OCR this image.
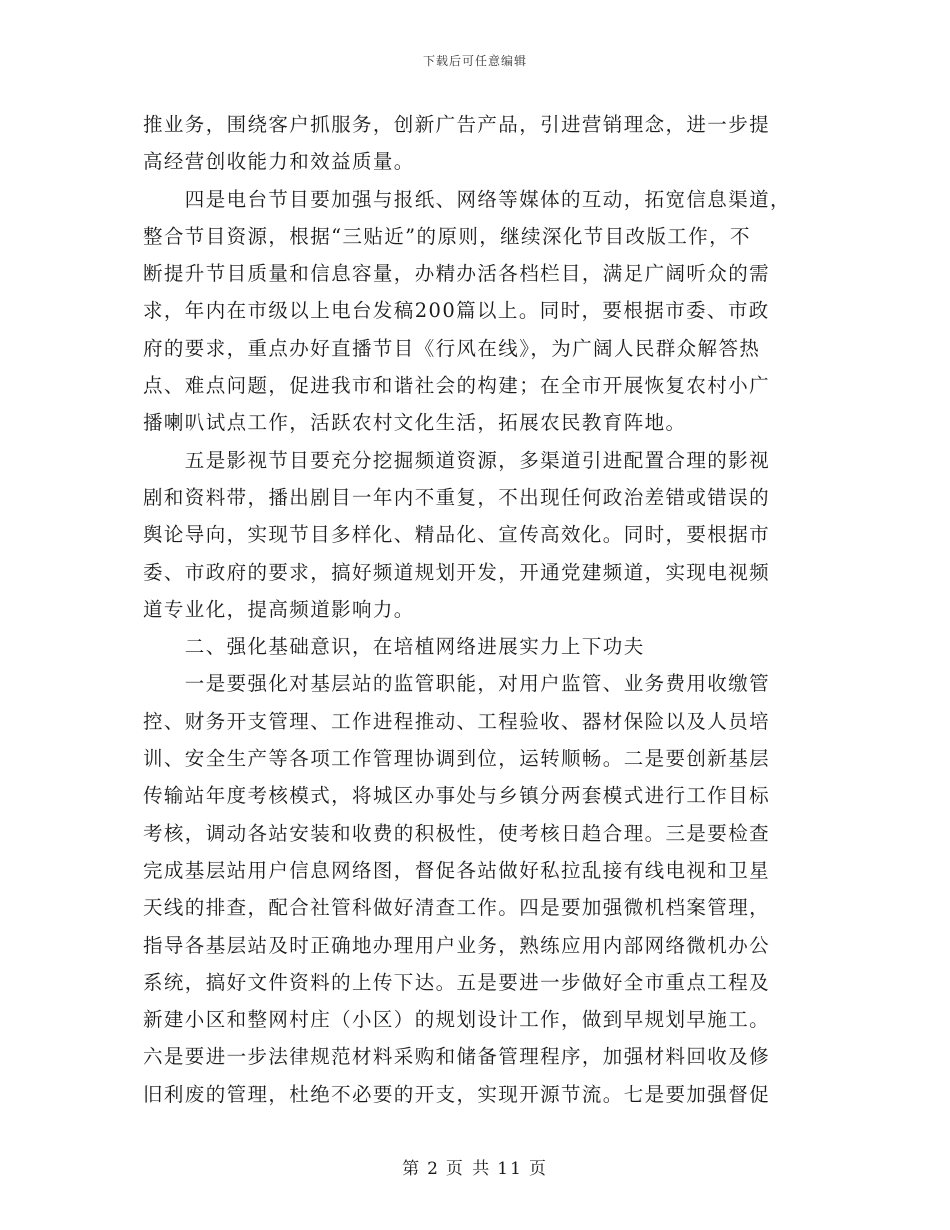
下载后可任意编辑

推业务，围绕客户抓服务，创新广告产品，引进营销理念，进一步提
高经营创收能力和效益质量。

　　四是电台节目要加强与报纸、网络等媒体的互动，拓宽信息渠道，
整合节目资源，根据“三贴近”的原则，继续深化节目改版工作，不
断提升节目质量和信息容量，办精办活各档栏目，满足广阔听众的需
求，年内在市级以上电台发稿200篇以上。同时，要根据市委、市政
府的要求，重点办好直播节目《行风在线》，为广阔人民群众解答热
点、难点问题，促进我市和谐社会的构建；在全市开展恢复农村小广
播喇叭试点工作，活跃农村文化生活，拓展农民教育阵地。

　　五是影视节目要充分挖掘频道资源，多渠道引进配置合理的影视
剧和资料带，播出剧目一年内不重复，不出现任何政治差错或错误的
舆论导向，实现节目多样化、精品化、宣传高效化。同时，要根据市
委、市政府的要求，搞好频道规划开发，开通党建频道，实现电视频
道专业化，提高频道影响力。

　　二、强化基础意识，在培植网络进展实力上下功夫

　　一是要强化对基层站的监管职能，对用户监管、业务费用收缴管
控、财务开支管理、工作进程推动、工程验收、器材保险以及人员培
训、安全生产等各项工作管理协调到位，运转顺畅。二是要创新基层
传输站年度考核模式，将城区办事处与乡镇分两套模式进行工作目标
考核，调动各站安装和收费的积极性，使考核日趋合理。三是要检查
完成基层站用户信息网络图，督促各站做好私拉乱接有线电视和卫星
天线的排查，配合社管科做好清查工作。四是要加强微机档案管理，
指导各基层站及时正确地办理用户业务，熟练应用内部网络微机办公
系统，搞好文件资料的上传下达。五是要进一步做好全市重点工程及
新建小区和整网村庄（小区）的规划设计工作，做到早规划早施工。
六是要进一步法律规范材料采购和储备管理程序，加强材料回收及修
旧利废的管理，杜绝不必要的开支，实现开源节流。七是要加强督促

第 2 页 共 11 页
